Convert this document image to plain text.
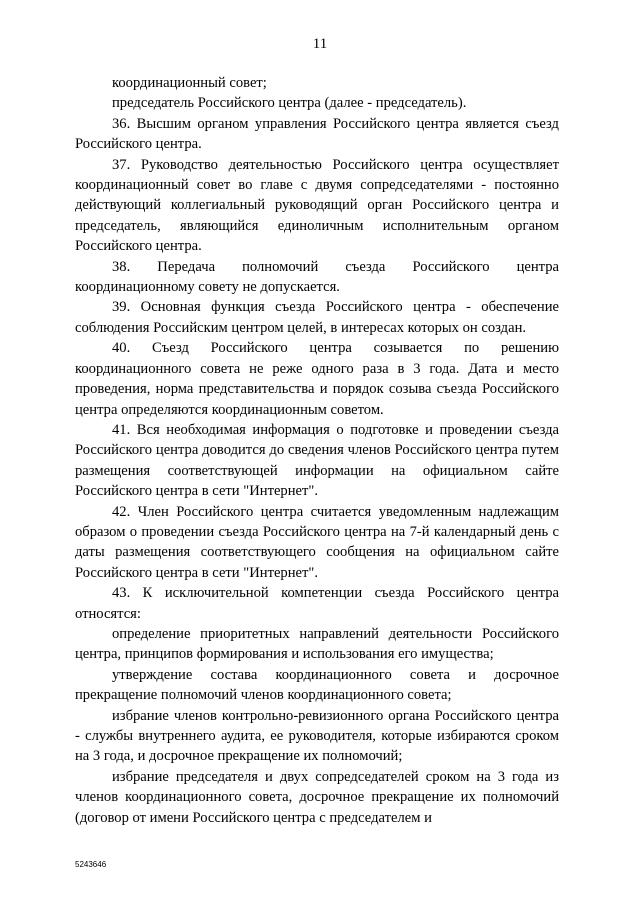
11

координационный совет;

председатель Российского центра (далее - председатель).

36. Высшим органом управления Российского центра является съезд Российского центра.

37. Руководство деятельностью Российского центра осуществляет координационный совет во главе с двумя сопредседателями - постоянно действующий коллегиальный руководящий орган Российского центра и председатель, являющийся единоличным исполнительным органом Российского центра.

38. Передача полномочий съезда Российского центра координационному совету не допускается.

39. Основная функция съезда Российского центра - обеспечение соблюдения Российским центром целей, в интересах которых он создан.

40. Съезд Российского центра созывается по решению координационного совета не реже одного раза в 3 года. Дата и место проведения, норма представительства и порядок созыва съезда Российского центра определяются координационным советом.

41. Вся необходимая информация о подготовке и проведении съезда Российского центра доводится до сведения членов Российского центра путем размещения соответствующей информации на официальном сайте Российского центра в сети "Интернет".

42. Член Российского центра считается уведомленным надлежащим образом о проведении съезда Российского центра на 7-й календарный день с даты размещения соответствующего сообщения на официальном сайте Российского центра в сети "Интернет".

43. К исключительной компетенции съезда Российского центра относятся:

определение приоритетных направлений деятельности Российского центра, принципов формирования и использования его имущества;

утверждение состава координационного совета и досрочное прекращение полномочий членов координационного совета;

избрание членов контрольно-ревизионного органа Российского центра - службы внутреннего аудита, ее руководителя, которые избираются сроком на 3 года, и досрочное прекращение их полномочий;

избрание председателя и двух сопредседателей сроком на 3 года из членов координационного совета, досрочное прекращение их полномочий (договор от имени Российского центра с председателем и

5243646
